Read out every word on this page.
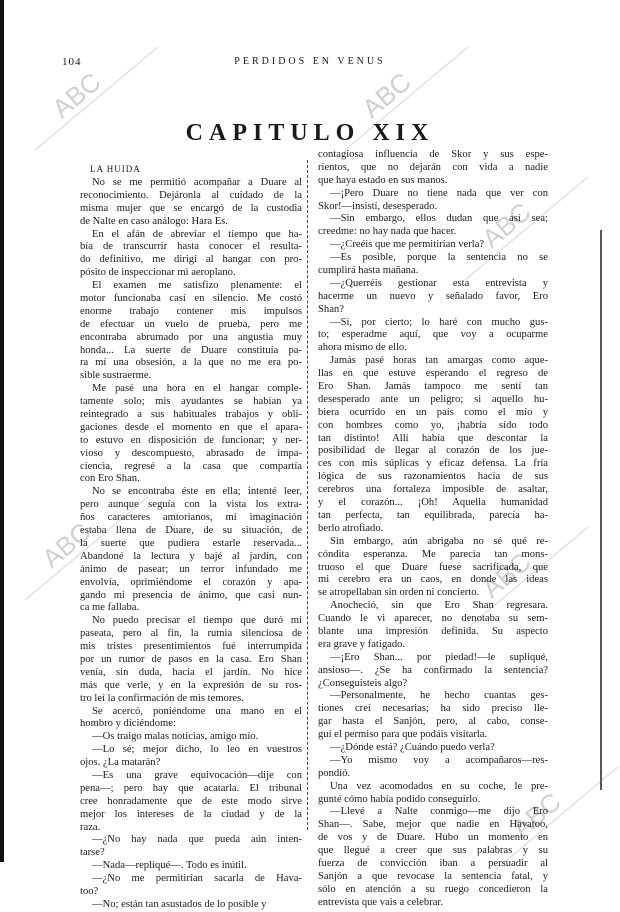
ABC	ABC
ABC
ABC
ABC
ABC
104	PERDIDOS EN VENUS
CAPITULO XIX
LA HUIDA
No se me permitió acompañar a Duare al
reconocimiento. Dejáronla al cuidado de la
misma mujer que se encargó de la custodia
de Nalte en caso análogo: Hara Es.
En el afán de abreviar el tiempo que ha-
bía de transcurrir hasta conocer el resulta-
do definitivo, me dirigí al hangar con pro-
pósito de inspeccionar mi aeroplano.
El examen me satisfizo plenamente: el
motor funcionaba casi en silencio. Me costó
enorme trabajo contener mis impulsos
de efectuar un vuelo de prueba, pero me
encontraba abrumado por una angustia muy
honda... La suerte de Duare constituía pa-
ra mí una obsesión, a la que no me era po-
sible sustraerme.
Me pasé una hora en el hangar comple-
tamente solo; mis ayudantes se habían ya
reintegrado a sus habituales trabajos y obli-
gaciones desde el momento en que el apara-
to estuvo en disposición de funcionar; y ner-
vioso y descompuesto, abrasado de impa-
ciencia, regresé a la casa que compartía
con Ero Shan.
No se encontraba éste en ella; intenté leer,
pero aunque seguía con la vista los extra-
ños caracteres amtorianos, mi imaginación
estaba llena de Duare, de su situación, de
la suerte que pudiera estarle reservada...
Abandoné la lectura y bajé al jardín, con
ánimo de pasear; un terror infundado me
envolvía, oprimiéndome el corazón y apa-
gando mi presencia de ánimo, que casi nun-
ca me fallaba.
No puedo precisar el tiempo que duró mi
paseata, pero al fin, la rumia silenciosa de
mis tristes presentimientos fué interrumpida
por un rumor de pasos en la casa. Ero Shan
venía, sin duda, hacia el jardín. No hice
más que verle, y en la expresión de su ros-
tro leí la confirmación de mis temores.
Se acercó, poniéndome una mano en el
hombro y diciéndome:
—Os traigo malas noticias, amigo mío.
—Lo sé; mejor dicho, lo leo en vuestros
ojos. ¿La matarán?
—Es una grave equivocación—dije con
pena—; pero hay que acatarla. El tribunal
cree honradamente que de este modo sirve
mejor los intereses de la ciudad y de la
raza.
—¿No hay nada que pueda aún inten-
tarse?
—Nada—repliqué—. Todo es inútil.
—¿No me permitirían sacarla de Hava-
too?
—No; están tan asustados de lo posible y
contagiosa influencia de Skor y sus espe-
rientos, que no dejarán con vida a nadie
que haya estado en sus manos.
—¡Pero Duare no tiene nada que ver con
Skor!—insistí, desesperado.
—Sin embargo, ellos dudan que así sea;
creedme: no hay nada que hacer.
—¿Creéis que me permitirían verla?
—Es posible, porque la sentencia no se
cumplirá hasta mañana.
—¿Querréis gestionar esta entrevista y
hacerme un nuevo y señalado favor, Ero
Shan?
—Sí, por cierto; lo haré con mucho gus-
to; esperadme aquí, que voy a ocuparme
ahora mismo de ello.
Jamás pasé horas tan amargas como aque-
llas en que estuve esperando el regreso de
Ero Shan. Jamás tampoco me sentí tan
desesperado ante un peligro; si aquello hu-
biera ocurrido en un país como el mío y
con hombres como yo, ¡habría sido todo
tan distinto! Allí había que descontar la
posibilidad de llegar al corazón de los jue-
ces con mis súplicas y eficaz defensa. La fría
lógica de sus razonamientos hacía de sus
cerebros una fortaleza imposible de asaltar,
y el corazón... ¡Oh! Aquella humanidad
tan perfecta, tan equilibrada, parecía ha-
berlo atrofiado.
Sin embargo, aún abrigaba no sé qué re-
cóndita esperanza. Me parecía tan mons-
truoso el que Duare fuese sacrificada, que
mi cerebro era un caos, en donde las ideas
se atropellaban sin orden ni concierto.
Anocheció, sin que Ero Shan regresara.
Cuando le vi aparecer, no denotaba su sem-
blante una impresión definida. Su aspecto
era grave y fatigado.
—¡Ero Shan... por piedad!—le supliqué,
ansioso—. ¿Se ha confirmado la sentencia?
¿Conseguisteis algo?
—Personalmente, he hecho cuantas ges-
tiones creí necesarias; ha sido preciso lle-
gar hasta el Sanjón, pero, al cabo, conse-
guí el permiso para que podáis visitarla.
—¿Dónde está? ¿Cuándo puedo verla?
—Yo mismo voy a acompañaros—res-
pondió.
Una vez acomodados en su coche, le pre-
gunté cómo había podido conseguirlo.
—Llevé a Nalte conmigo—me dijo Ero
Shan—. Sabe, mejor que nadie en Havatoo,
de vos y de Duare. Hubo un momento en
que llegué a creer que sus palabras y su
fuerza de convicción iban a persuadir al
Sanjón a que revocase la sentencia fatal, y
sólo en atención a su ruego concedieron la
entrevista que vais a celebrar.
